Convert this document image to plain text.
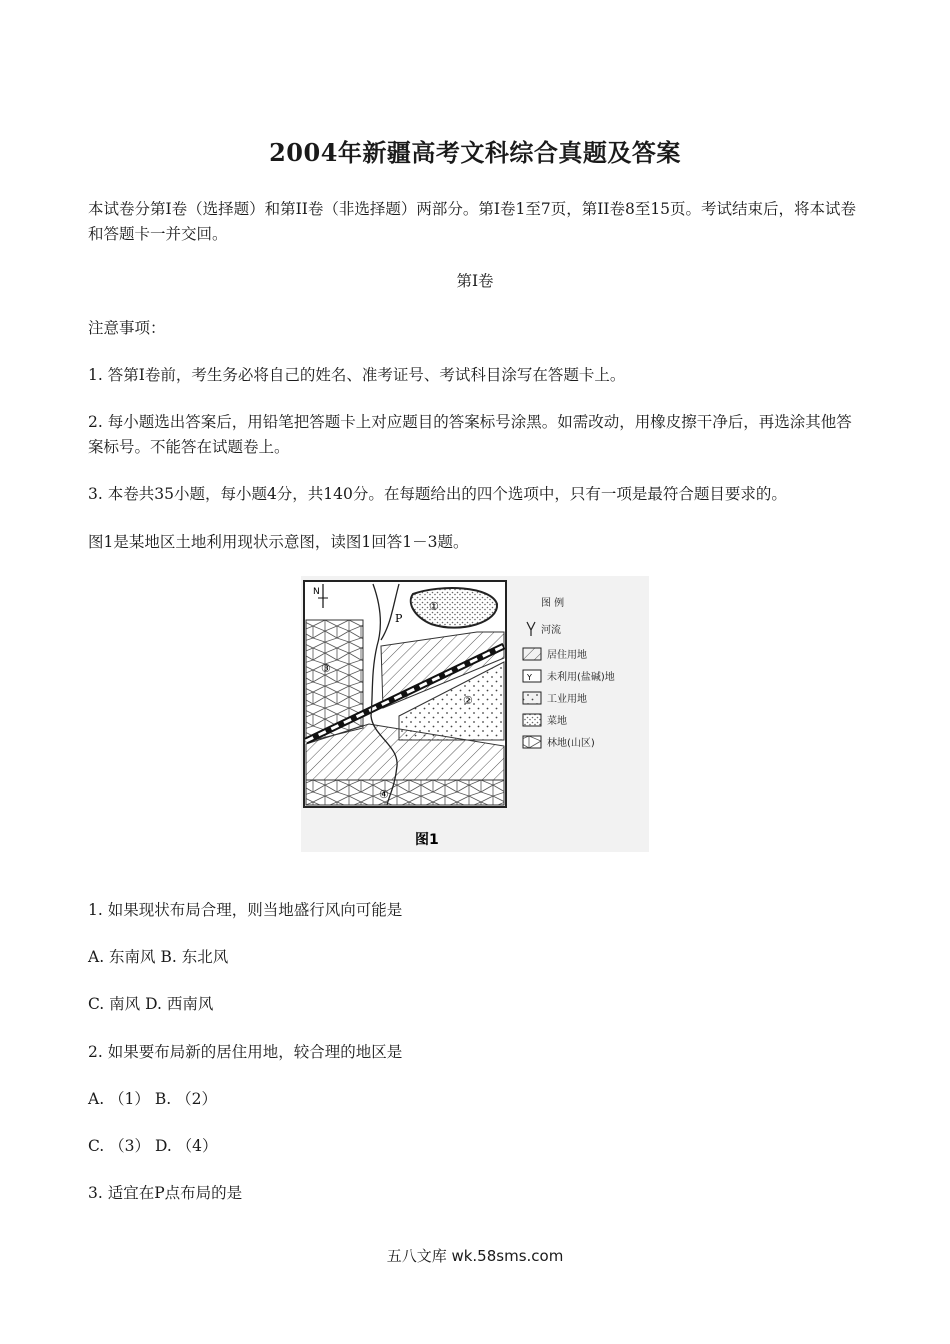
2004年新疆高考文科综合真题及答案

本试卷分第Ⅰ卷（选择题）和第II卷（非选择题）两部分。第Ⅰ卷1至7页，第II卷8至15页。考试结束后，将本试卷和答题卡一并交回。

第Ⅰ卷

注意事项：

1. 答第Ⅰ卷前，考生务必将自己的姓名、准考证号、考试科目涂写在答题卡上。

2. 每小题选出答案后，用铅笔把答题卡上对应题目的答案标号涂黑。如需改动，用橡皮擦干净后，再选涂其他答案标号。不能答在试题卷上。

3. 本卷共35小题，每小题4分，共140分。在每题给出的四个选项中，只有一项是最符合题目要求的。

图1是某地区土地利用现状示意图，读图1回答1－3题。

N
P
①
②
③
④
图 例
河流
居住用地
Y 未利用(盐碱)地
工业用地
菜地
林地(山区)
图1

1. 如果现状布局合理，则当地盛行风向可能是

A. 东南风 B. 东北风

C. 南风 D. 西南风

2. 如果要布局新的居住用地，较合理的地区是

A. （1） B. （2）

C. （3） D. （4）

3. 适宜在P点布局的是

五八文库 wk.58sms.com
